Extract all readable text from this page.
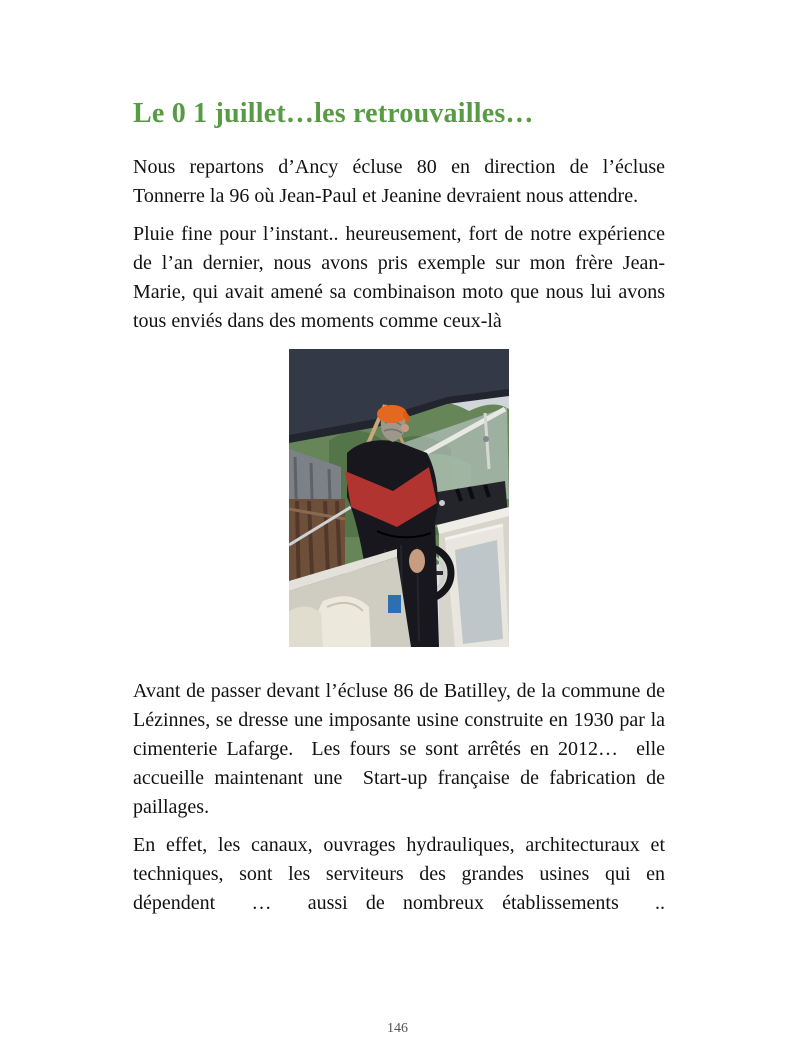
Le 0 1 juillet…les retrouvailles…

Nous repartons d’Ancy écluse 80 en direction de l’écluse Tonnerre la 96 où Jean-Paul et Jeanine devraient nous attendre.

Pluie fine pour l’instant.. heureusement, fort de notre expérience de l’an dernier, nous avons pris exemple sur mon frère Jean-Marie, qui avait amené sa combinaison moto que nous lui avons tous enviés dans des moments comme ceux-là

Avant de passer devant l’écluse 86 de Batilley, de la commune de Lézinnes, se dresse une imposante usine construite en 1930 par la cimenterie Lafarge.  Les fours se sont arrêtés en 2012…  elle accueille maintenant une  Start-up française de fabrication de paillages.

En effet, les canaux, ouvrages hydrauliques, architecturaux et techniques, sont les serviteurs des grandes usines qui en dépendent  …  aussi de nombreux établissements  ..

146
